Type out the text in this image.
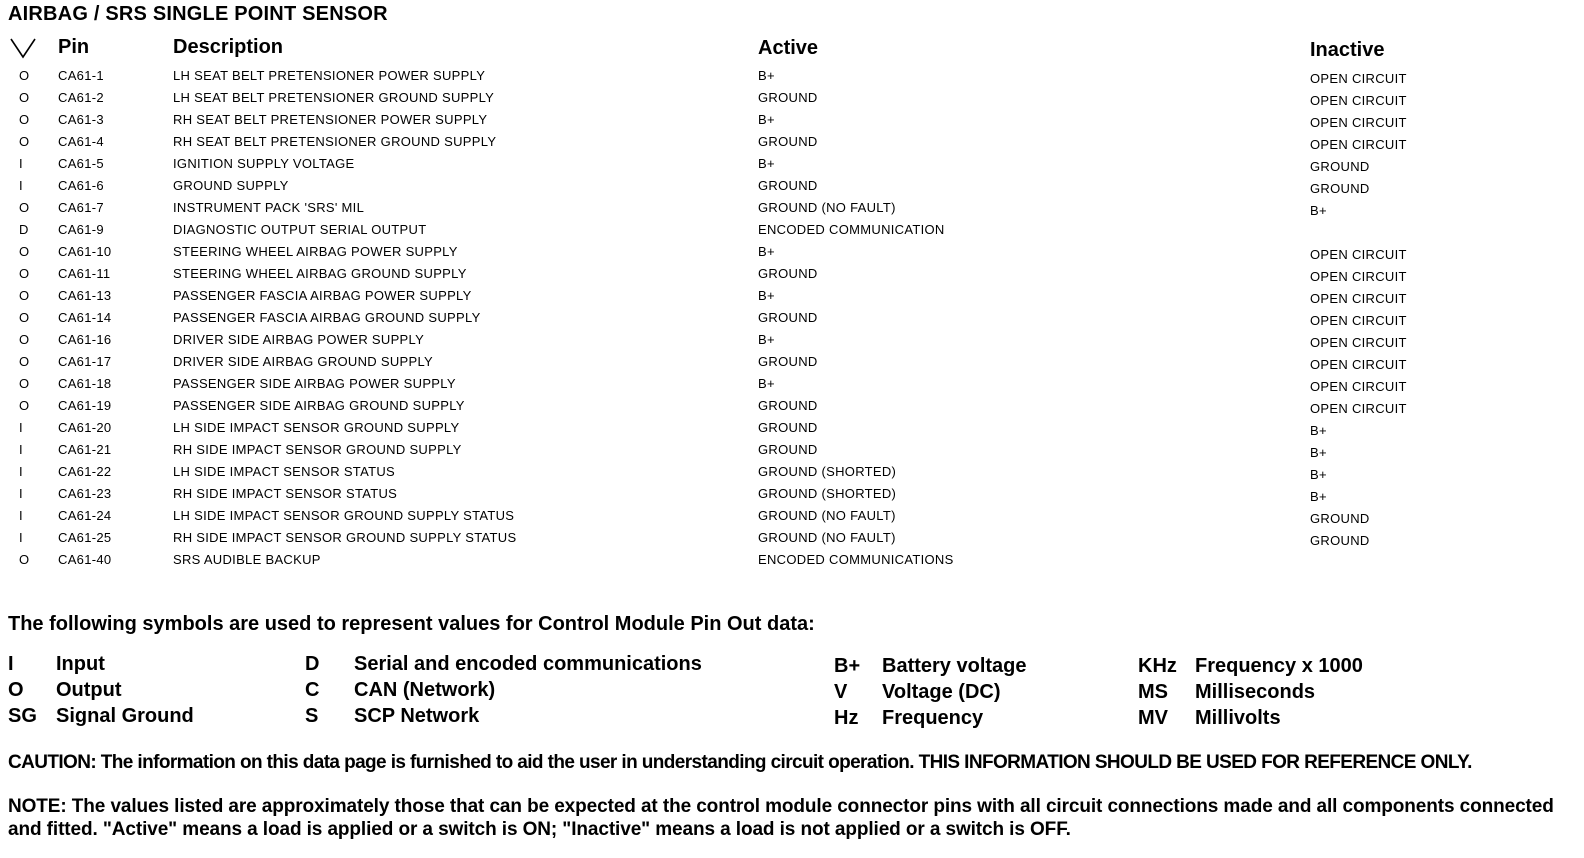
AIRBAG / SRS SINGLE POINT SENSOR
Pin	Description	Active	Inactive
O CA61-1	LH SEAT BELT PRETENSIONER POWER SUPPLY	B+	OPEN CIRCUIT
O CA61-2	LH SEAT BELT PRETENSIONER GROUND SUPPLY	GROUND	OPEN CIRCUIT
O CA61-3	RH SEAT BELT PRETENSIONER POWER SUPPLY	B+	OPEN CIRCUIT
O CA61-4	RH SEAT BELT PRETENSIONER GROUND SUPPLY	GROUND	OPEN CIRCUIT
I	CA61-5	IGNITION SUPPLY VOLTAGE	B+	GROUND
I	CA61-6	GROUND SUPPLY	GROUND	GROUND
O CA61-7	INSTRUMENT PACK 'SRS' MIL	GROUND (NO FAULT)	B+
D CA61-9	DIAGNOSTIC OUTPUT SERIAL OUTPUT	ENCODED COMMUNICATION
O CA61-10	STEERING WHEEL AIRBAG POWER SUPPLY	B+	OPEN CIRCUIT
O CA61-11	STEERING WHEEL AIRBAG GROUND SUPPLY	GROUND	OPEN CIRCUIT
O CA61-13	PASSENGER FASCIA AIRBAG POWER SUPPLY	B+	OPEN CIRCUIT
O CA61-14	PASSENGER FASCIA AIRBAG GROUND SUPPLY	GROUND	OPEN CIRCUIT
O CA61-16	DRIVER SIDE AIRBAG POWER SUPPLY	B+	OPEN CIRCUIT
O CA61-17	DRIVER SIDE AIRBAG GROUND SUPPLY	GROUND	OPEN CIRCUIT
O CA61-18	PASSENGER SIDE AIRBAG POWER SUPPLY	B+	OPEN CIRCUIT
O CA61-19	PASSENGER SIDE AIRBAG GROUND SUPPLY	GROUND	OPEN CIRCUIT
I	CA61-20	LH SIDE IMPACT SENSOR GROUND SUPPLY	GROUND	B+
I	CA61-21	RH SIDE IMPACT SENSOR GROUND SUPPLY	GROUND	B+
I	CA61-22	LH SIDE IMPACT SENSOR STATUS	GROUND (SHORTED)	B+
I	CA61-23	RH SIDE IMPACT SENSOR STATUS	GROUND (SHORTED)	B+
I	CA61-24	LH SIDE IMPACT SENSOR GROUND SUPPLY STATUS	GROUND (NO FAULT)	GROUND
I	CA61-25	RH SIDE IMPACT SENSOR GROUND SUPPLY STATUS	GROUND (NO FAULT)	GROUND
O CA61-40	SRS AUDIBLE BACKUP	ENCODED COMMUNICATIONS
The following symbols are used to represent values for Control Module Pin Out data:
I Input
O Output
SG Signal Ground
D Serial and encoded communications
C CAN (Network)
S SCP Network
B+ Battery voltage
V Voltage (DC)
Hz Frequency
KHz Frequency x 1000
MS Milliseconds
MV Millivolts
CAUTION: The information on this data page is furnished to aid the user in understanding circuit operation. THIS INFORMATION SHOULD BE USED FOR REFERENCE ONLY.
NOTE: The values listed are approximately those that can be expected at the control module connector pins with all circuit connections made and all components connected and fitted. "Active" means a load is applied or a switch is ON; "Inactive" means a load is not applied or a switch is OFF.
